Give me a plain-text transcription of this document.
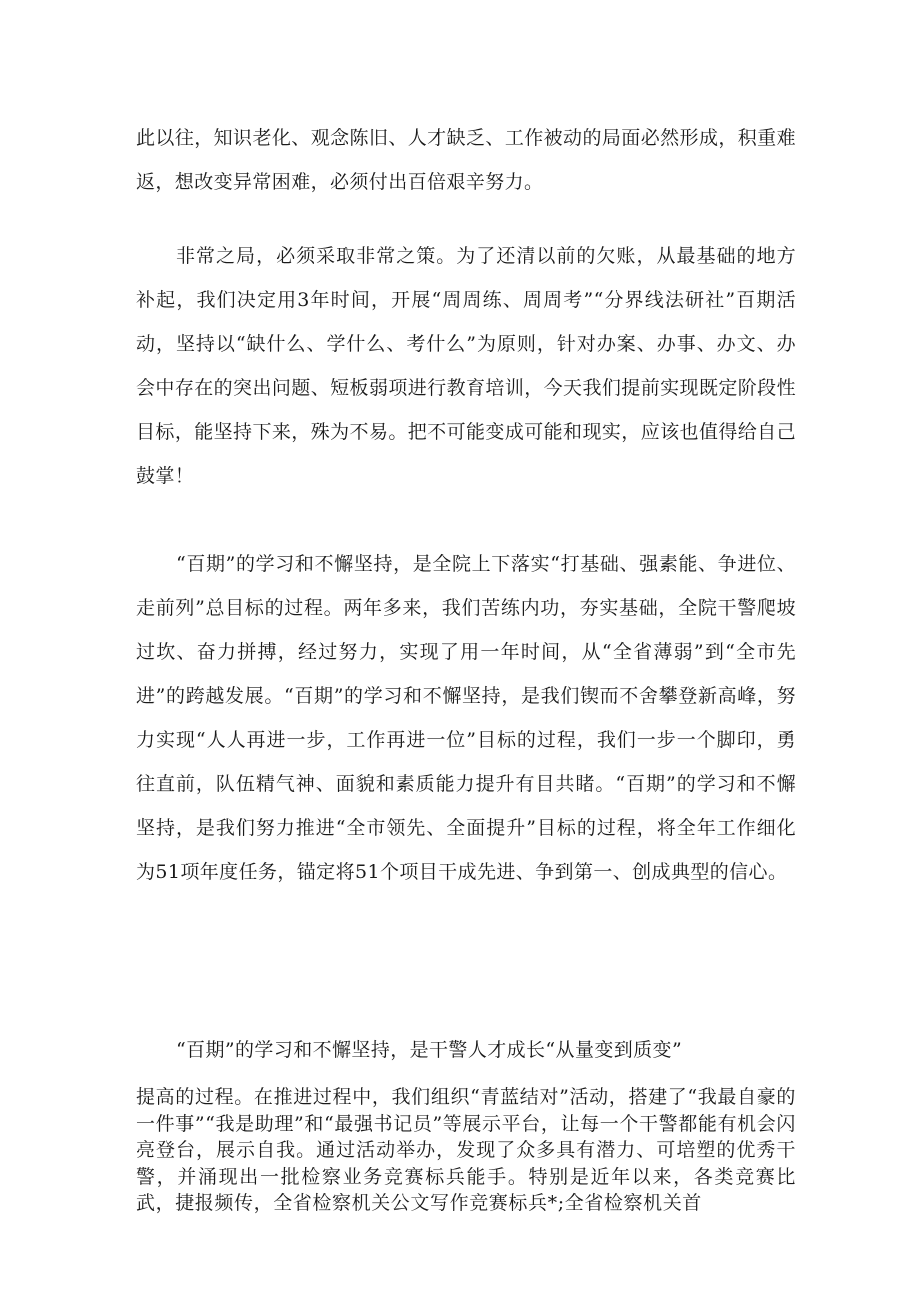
此以往，知识老化、观念陈旧、人才缺乏、工作被动的局面必然形成，积重难返，想改变异常困难，必须付出百倍艰辛努力。

非常之局，必须采取非常之策。为了还清以前的欠账，从最基础的地方补起，我们决定用3年时间，开展“周周练、周周考”“分界线法研社”百期活动，坚持以“缺什么、学什么、考什么”为原则，针对办案、办事、办文、办会中存在的突出问题、短板弱项进行教育培训，今天我们提前实现既定阶段性目标，能坚持下来，殊为不易。把不可能变成可能和现实，应该也值得给自己鼓掌！

“百期”的学习和不懈坚持，是全院上下落实“打基础、强素能、争进位、走前列”总目标的过程。两年多来，我们苦练内功，夯实基础，全院干警爬坡过坎、奋力拼搏，经过努力，实现了用一年时间，从“全省薄弱”到“全市先进”的跨越发展。“百期”的学习和不懈坚持，是我们锲而不舍攀登新高峰，努力实现“人人再进一步，工作再进一位”目标的过程，我们一步一个脚印，勇往直前，队伍精气神、面貌和素质能力提升有目共睹。“百期”的学习和不懈坚持，是我们努力推进“全市领先、全面提升”目标的过程，将全年工作细化为51项年度任务，锚定将51个项目干成先进、争到第一、创成典型的信心。

“百期”的学习和不懈坚持，是干警人才成长“从量变到质变”

提高的过程。在推进过程中，我们组织“青蓝结对”活动，搭建了“我最自豪的一件事”“我是助理”和“最强书记员”等展示平台，让每一个干警都能有机会闪亮登台，展示自我。通过活动举办，发现了众多具有潜力、可培塑的优秀干警，并涌现出一批检察业务竞赛标兵能手。特别是近年以来，各类竞赛比武，捷报频传，全省检察机关公文写作竞赛标兵*;全省检察机关首
